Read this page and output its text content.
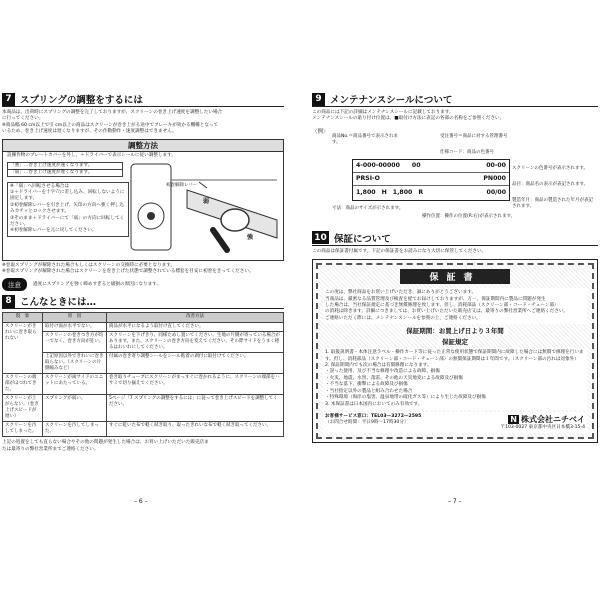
7 スプリングの調整をするには

本商品は、出荷時にスプリングの調整を完了しておりますが、スクリーンの巻き上げ速度を調整したい場合

に行ってください。

※商品幅 60 cm以上で引 cm以上の商品はスクリーンが巻き上がる途中でブレーキが効かる機構となって

いるため、巻き上げ速度は遅くなりますが、その作動動作・速度調整はできません。

調整方法

設操作物のプレートカバーを外し、＋ドライバーで表示シールに従い調整します。

「強」…巻き上げ速度が速くなります。
「弱」…巻き上げ速度が遅くなります。
※「弱」へ回転させる場合は
①＋ドライバーを十字穴に差し込み、回転しないように固定します。
②初巻解除レバーを引き上げ、矢印の方向へ強く押し込みカチッとロックさせます。
③そのまま＋ドライバーにて「弱」の方向に回転してください。
④初巻解除レバーを元に戻してください。
初巻解除レバー
弱
強

※巻取スプリングが解除された場合もしくはスクリーンの交換時に必要となります。

※巻取スプリングが解除された場合はスクリーンを巻き上げた状態で調整されている標套を目安に初巻をきってください。

注意	過度にスプリングを強く締めすぎると破損の原因になります。
8 こんなときには…
現　象	原　因	改善方法
スクリーンがきれいに巻き取られない	取付け面が水平でない。	商品が水平になるよう取付け直してください。
	スクリーンの巻きつき方が均一でなく、巻き方向が狂い。	スクリーンを下げきり、同様ためし置いてください。生地の片側が寄っている場合があります。また、スクリーンの巻き方向を変えてください。その際サイドをうまく捲るはわいわにしてください。
	上記原因以外できれいに巻き取らない。（スクリーンの片側縮みなど）	付属の巻き寄り調整シールをシール粘着の剥付に取付けてください。
スクリーンの端部がほつれてきた。	スクリーンが両サイドのユニットにあたっている。	巻き取りチューブにスクリーンがまっすぐに巻かれるように、スクリーンの端部をハサミで切り揃えてください。
スクリーンが上がらない。（巻き上げスピードが遅い）	スプリングが弱い。	5ページ「7 スプリングの調整をするには」に従って巻き上げスピードを調整してください。
スクリーンを汚してしまった。	スクリーンを汚してしまった。	すぐに乾いた布で軽く拭き取り、取ったきれいな布で軽く拭き取ってください。

上記の処置をしても直らない場合やその他の問題が発生した場合は、お買い上げいただいた販売店ま

たは最寄りの弊社営業所までご連絡ください。

– 6 –
9 メンテナンスシールについて

この商品には下記の詳細はメンテナンスシールに記載しております。

メンテナンスシールの貼り付け位置は、■取付け方法に表記の各部の名称をご参照ください。

〈例〉
商品No.＝商品番号で表示されます。
受注番号＝商品に対する管理番号
仕様コード：商品の色番号
4-000-00000 00	00-00
PRSI-O	PN000
1,800 H 1,800 R	00/00
スクリーンの色番号が表示されます。
品目：商品名の表示が表記されます。
製造年月：商品の製造された年月が表記されます。
寸法：商品のサイズが示されます。
操作位置：操作の位置(R:右)が表示されます。
10 保証について

この商品は保証書付属です。下記の保証書をお読みになり大切に保管してください。

保証書

この度は、弊社商品をお買い上げいただき、誠にありがとうございます。

当商品は、厳密なる品質管理及び検査を経てお届けしておりますが、万一、保証期間内に製品に問題が発生

した場合は、当社保証規定に基づき無償修理を致します。但し、消耗部品（スクリーン部・コード・チェーン部）

の消耗は除きます。詳細につきましては、お買い上げいただいた販売店又は、最寄りの弊社営業所へご連絡ください。

ご連絡いただく際には、メンテナンスシールを参照の上、ご連絡ください。

保証期間：お買上げ日より３年間
保証規定

1. 取扱説明書・本体注意ラベル・操作カード等に従った正常な使用状態で保証期間内に故障した場合には無償で修理を行います。但し、消耗部品（スクリーン部・コード・チェーン部）の無償保証期間は１年間です。（スクリーン部の汚れは対象外）

2. 保証期間内でも次の場合は有償修理になります。

・誤った使用、及び不当な修理や改造による故障、損傷

・火災、地震、水害、落雷、その他の天災地変による故障及び損傷

・不当な落下、衝撃による故障及び損傷

・当社指定以外の製品と組み合わせた場合

・特殊環境（海岸の塩害、温泉地帯の硫化ガス等）により生じた故障及び損傷

3. 本保証書は日本国内においてのみ有効です。

お客様サービス窓口：TEL03—3272—2595
（お問合せ時間：平日9時〜17時30分）	N 株式会社ニチベイ
〒103-0027 東京都中央区日本橋3-15-4
– 7 –
